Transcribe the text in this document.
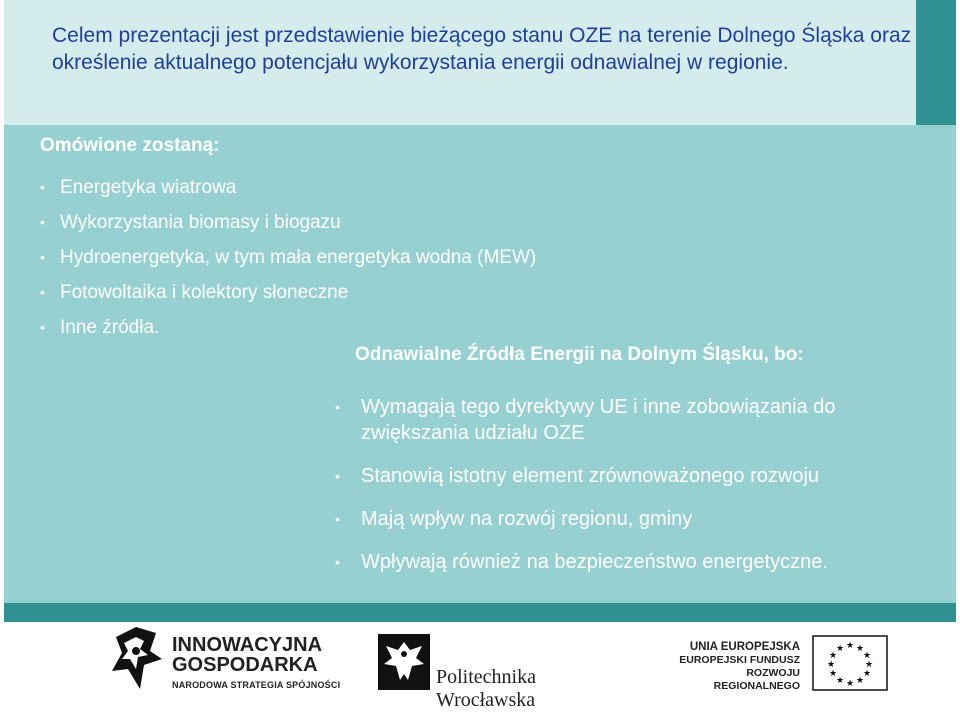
Celem prezentacji jest przedstawienie bieżącego stanu OZE na terenie Dolnego Śląska oraz określenie aktualnego potencjału wykorzystania energii odnawialnej w regionie.

Omówione zostaną:
• Energetyka wiatrowa
• Wykorzystania biomasy i biogazu
• Hydroenergetyka, w tym mała energetyka wodna (MEW)
• Fotowoltaika i kolektory słoneczne
• Inne źródła.
Odnawialne Źródła Energii na Dolnym Śląsku, bo:
• Wymagają tego dyrektywy UE i inne zobowiązania do zwiększania udziału OZE
• Stanowią istotny element zrównoważonego rozwoju
• Mają wpływ na rozwój regionu, gminy
• Wpływają również na bezpieczeństwo energetyczne.
INNOWACYJNA
GOSPODARKA
NARODOWA STRATEGIA SPÓJNOŚCI	Politechnika Wrocławska
UNIA EUROPEJSKA
EUROPEJSKI FUNDUSZ
ROZWOJU REGIONALNEGO
★ ★
★
★
★
★
★
★
★
★
★
★
